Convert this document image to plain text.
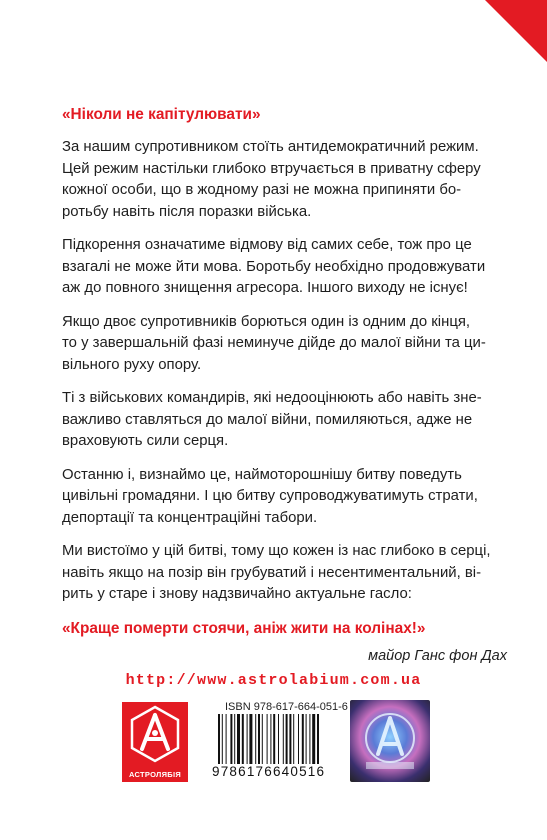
«Ніколи не капітулювати»

За нашим супротивником стоїть антидемократичний режим.
Цей режим настільки глибоко втручається в приватну сферу
кожної особи, що в жодному разі не можна припиняти бо-
ротьбу навіть після поразки війська.

Підкорення означатиме відмову від самих себе, тож про це
взагалі не може йти мова. Боротьбу необхідно продовжувати
аж до повного знищення агресора. Іншого виходу не існує!

Якщо двоє супротивників борються один із одним до кінця,
то у завершальній фазі неминуче дійде до малої війни та ци-
вільного руху опору.

Ті з військових командирів, які недооцінюють або навіть зне-
важливо ставляться до малої війни, помиляються, адже не
враховують сили серця.

Останню і, визнаймо це, наймоторошнішу битву поведуть
цивільні громадяни. І цю битву супроводжуватимуть страти,
депортації та концентраційні табори.

Ми вистоїмо у цій битві, тому що кожен із нас глибоко в серці,
навіть якщо на позір він грубуватий і несентиментальний, ві-
рить у старе і знову надзвичайно актуальне гасло:

«Краще померти стоячи, аніж жити на колінах!»

майор Ганс фон Дах

http://www.astrolabium.com.ua
АСТРОЛЯБІЯ
ISBN 978-617-664-051-6
9786176640516
